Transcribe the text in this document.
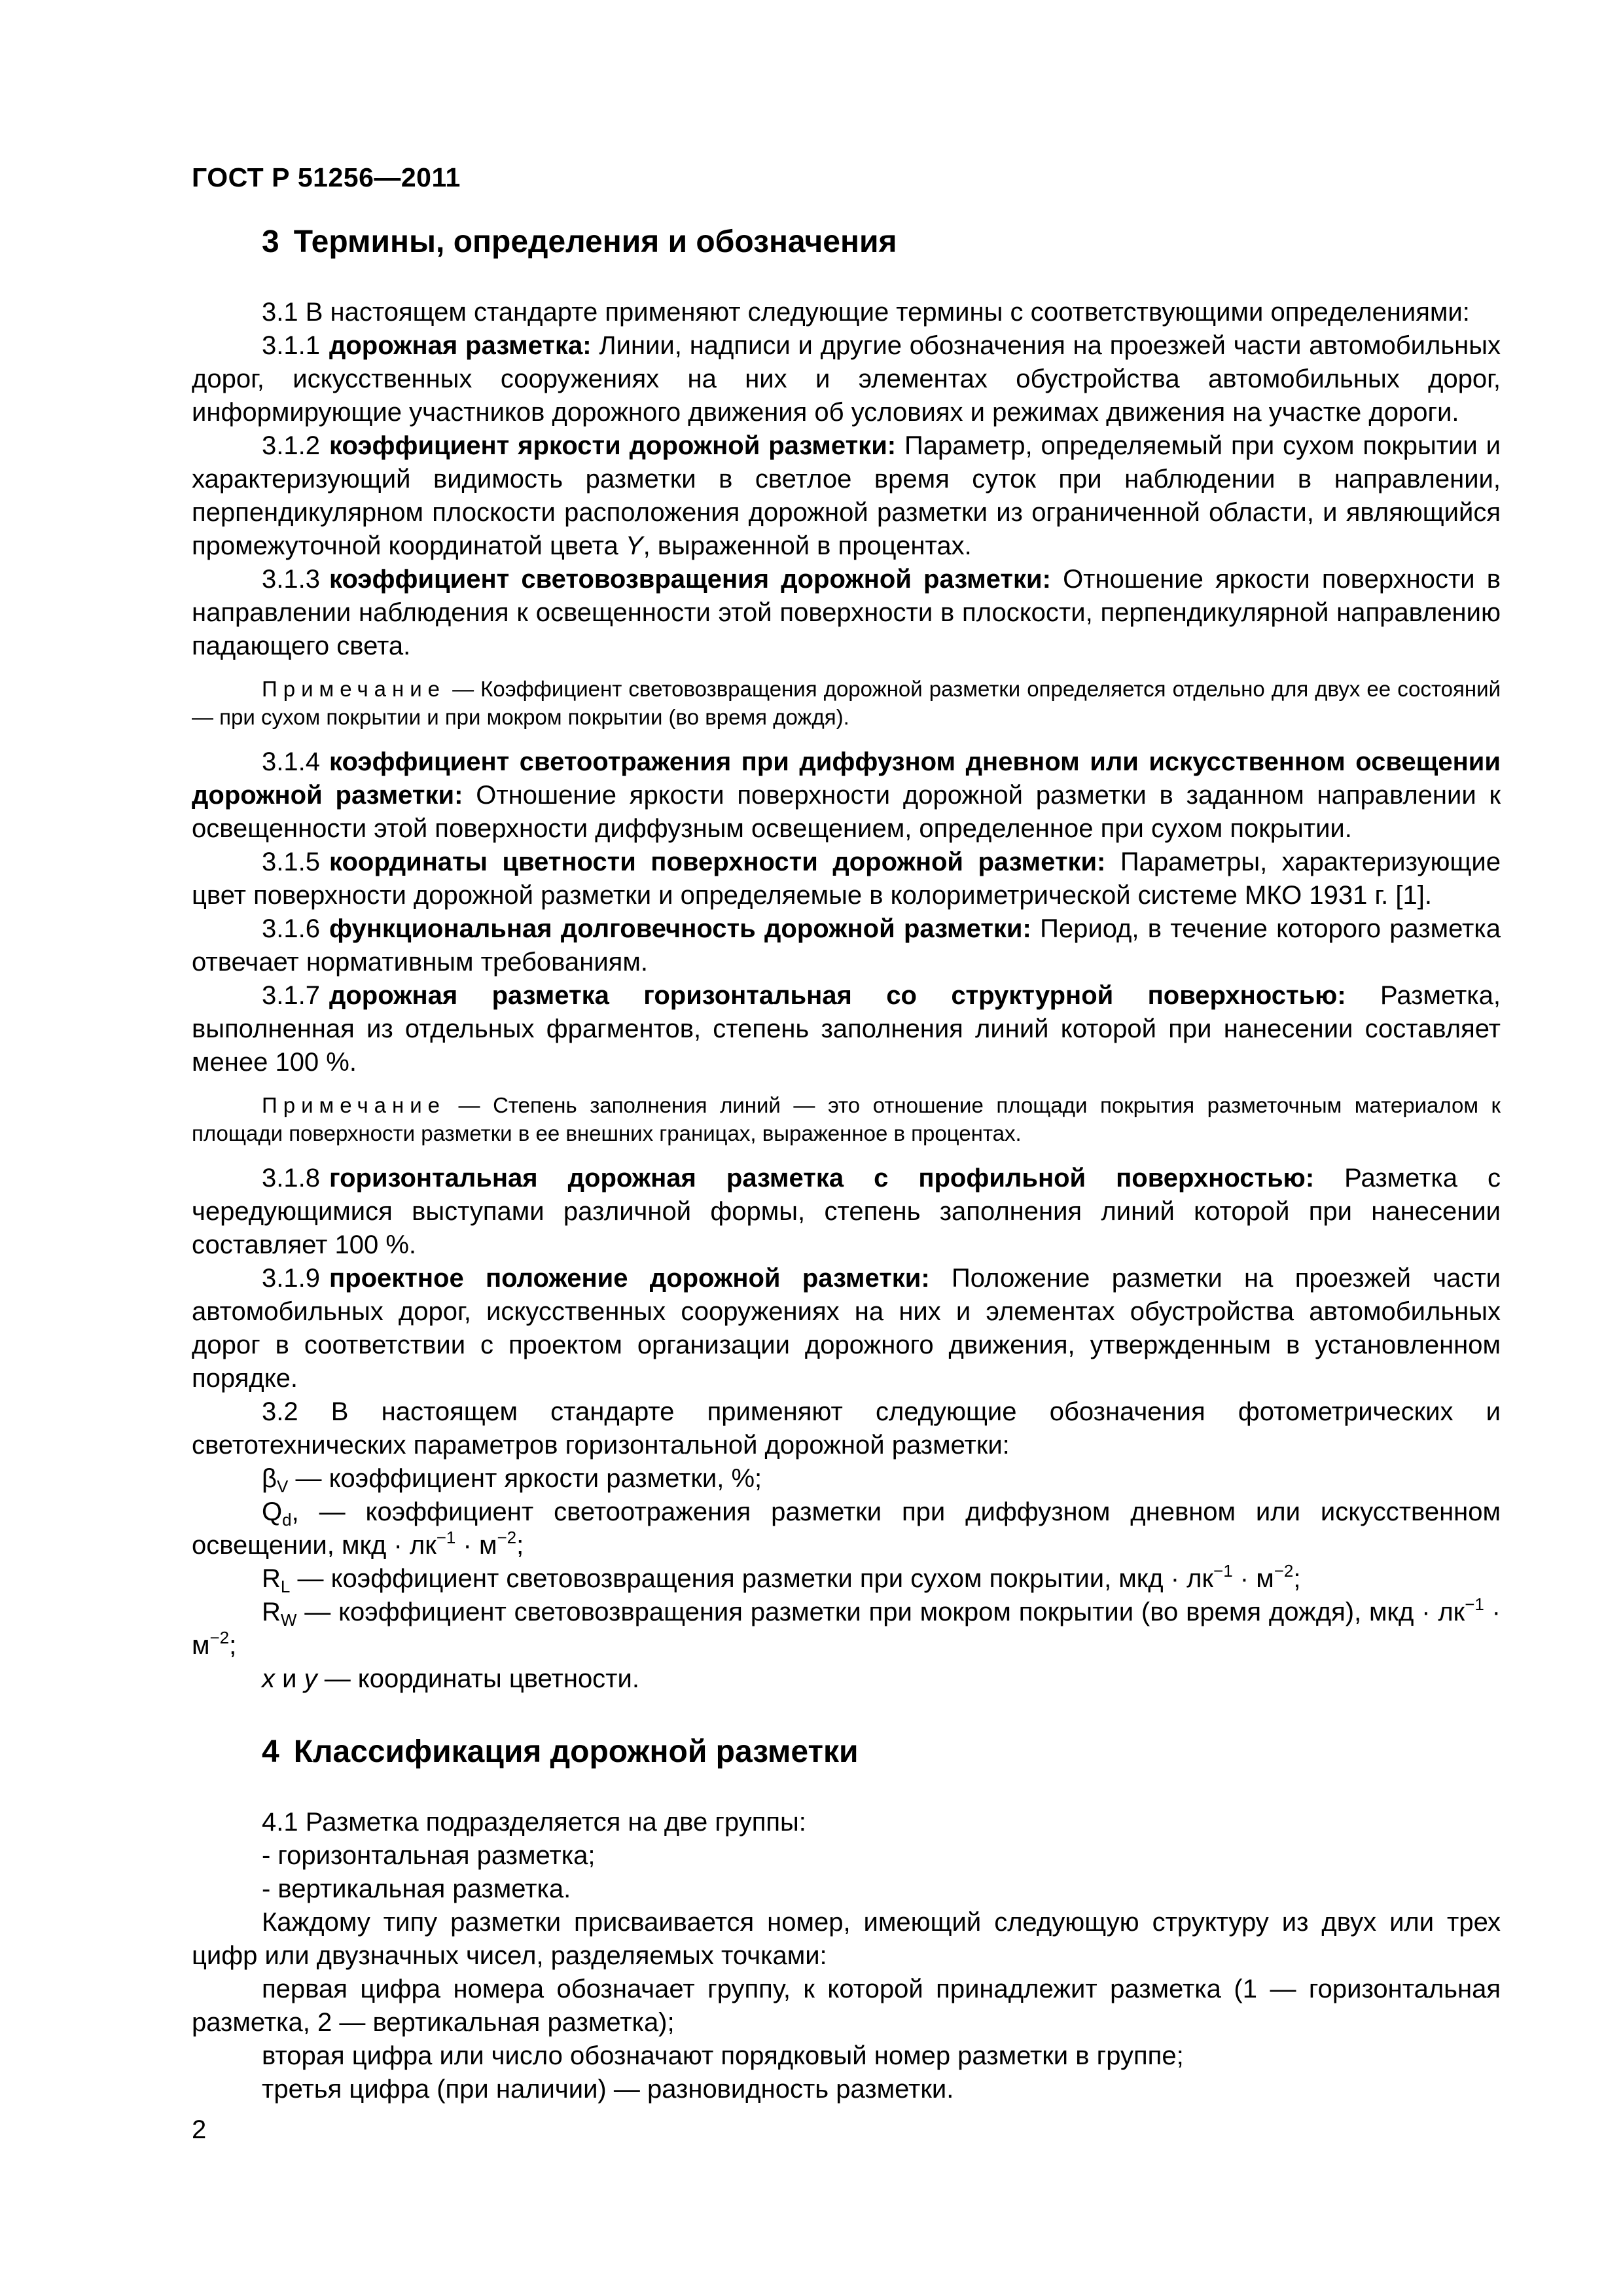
ГОСТ Р 51256—2011
3 Термины, определения и обозначения

3.1 В настоящем стандарте применяют следующие термины с соответствующими определениями:

3.1.1 дорожная разметка: Линии, надписи и другие обозначения на проезжей части автомобильных дорог, искусственных сооружениях на них и элементах обустройства автомобильных дорог, информирующие участников дорожного движения об условиях и режимах движения на участке дороги.

3.1.2 коэффициент яркости дорожной разметки: Параметр, определяемый при сухом покрытии и характеризующий видимость разметки в светлое время суток при наблюдении в направлении, перпендикулярном плоскости расположения дорожной разметки из ограниченной области, и являющийся промежуточной координатой цвета Y, выраженной в процентах.

3.1.3 коэффициент световозвращения дорожной разметки: Отношение яркости поверхности в направлении наблюдения к освещенности этой поверхности в плоскости, перпендикулярной направлению падающего света.

Примечание — Коэффициент световозвращения дорожной разметки определяется отдельно для двух ее состояний — при сухом покрытии и при мокром покрытии (во время дождя).

3.1.4 коэффициент светоотражения при диффузном дневном или искусственном освещении дорожной разметки: Отношение яркости поверхности дорожной разметки в заданном направлении к освещенности этой поверхности диффузным освещением, определенное при сухом покрытии.

3.1.5 координаты цветности поверхности дорожной разметки: Параметры, характеризующие цвет поверхности дорожной разметки и определяемые в колориметрической системе МКО 1931 г. [1].

3.1.6 функциональная долговечность дорожной разметки: Период, в течение которого разметка отвечает нормативным требованиям.

3.1.7 дорожная разметка горизонтальная со структурной поверхностью: Разметка, выполненная из отдельных фрагментов, степень заполнения линий которой при нанесении составляет менее 100 %.

Примечание — Степень заполнения линий — это отношение площади покрытия разметочным материалом к площади поверхности разметки в ее внешних границах, выраженное в процентах.

3.1.8 горизонтальная дорожная разметка с профильной поверхностью: Разметка с чередующимися выступами различной формы, степень заполнения линий которой при нанесении составляет 100 %.

3.1.9 проектное положение дорожной разметки: Положение разметки на проезжей части автомобильных дорог, искусственных сооружениях на них и элементах обустройства автомобильных дорог в соответствии с проектом организации дорожного движения, утвержденным в установленном порядке.

3.2 В настоящем стандарте применяют следующие обозначения фотометрических и светотехнических параметров горизонтальной дорожной разметки:

$\beta_V$ — коэффициент яркости разметки, %;

$Q_d$, — коэффициент светоотражения разметки при диффузном дневном или искусственном освещении, мкд · $лк^{-1} \cdot м^{-2}$;

$R_L$ — коэффициент световозвращения разметки при сухом покрытии, мкд · $лк^{-1} \cdot м^{-2}$;

$R_W$ — коэффициент световозвращения разметки при мокром покрытии (во время дождя), мкд · $лк^{-1} \cdot м^{-2}$;

x и y — координаты цветности.

4 Классификация дорожной разметки

4.1 Разметка подразделяется на две группы:

- горизонтальная разметка;

- вертикальная разметка.

Каждому типу разметки присваивается номер, имеющий следующую структуру из двух или трех цифр или двузначных чисел, разделяемых точками:

первая цифра номера обозначает группу, к которой принадлежит разметка (1 — горизонтальная разметка, 2 — вертикальная разметка);

вторая цифра или число обозначают порядковый номер разметки в группе;

третья цифра (при наличии) — разновидность разметки.

2
